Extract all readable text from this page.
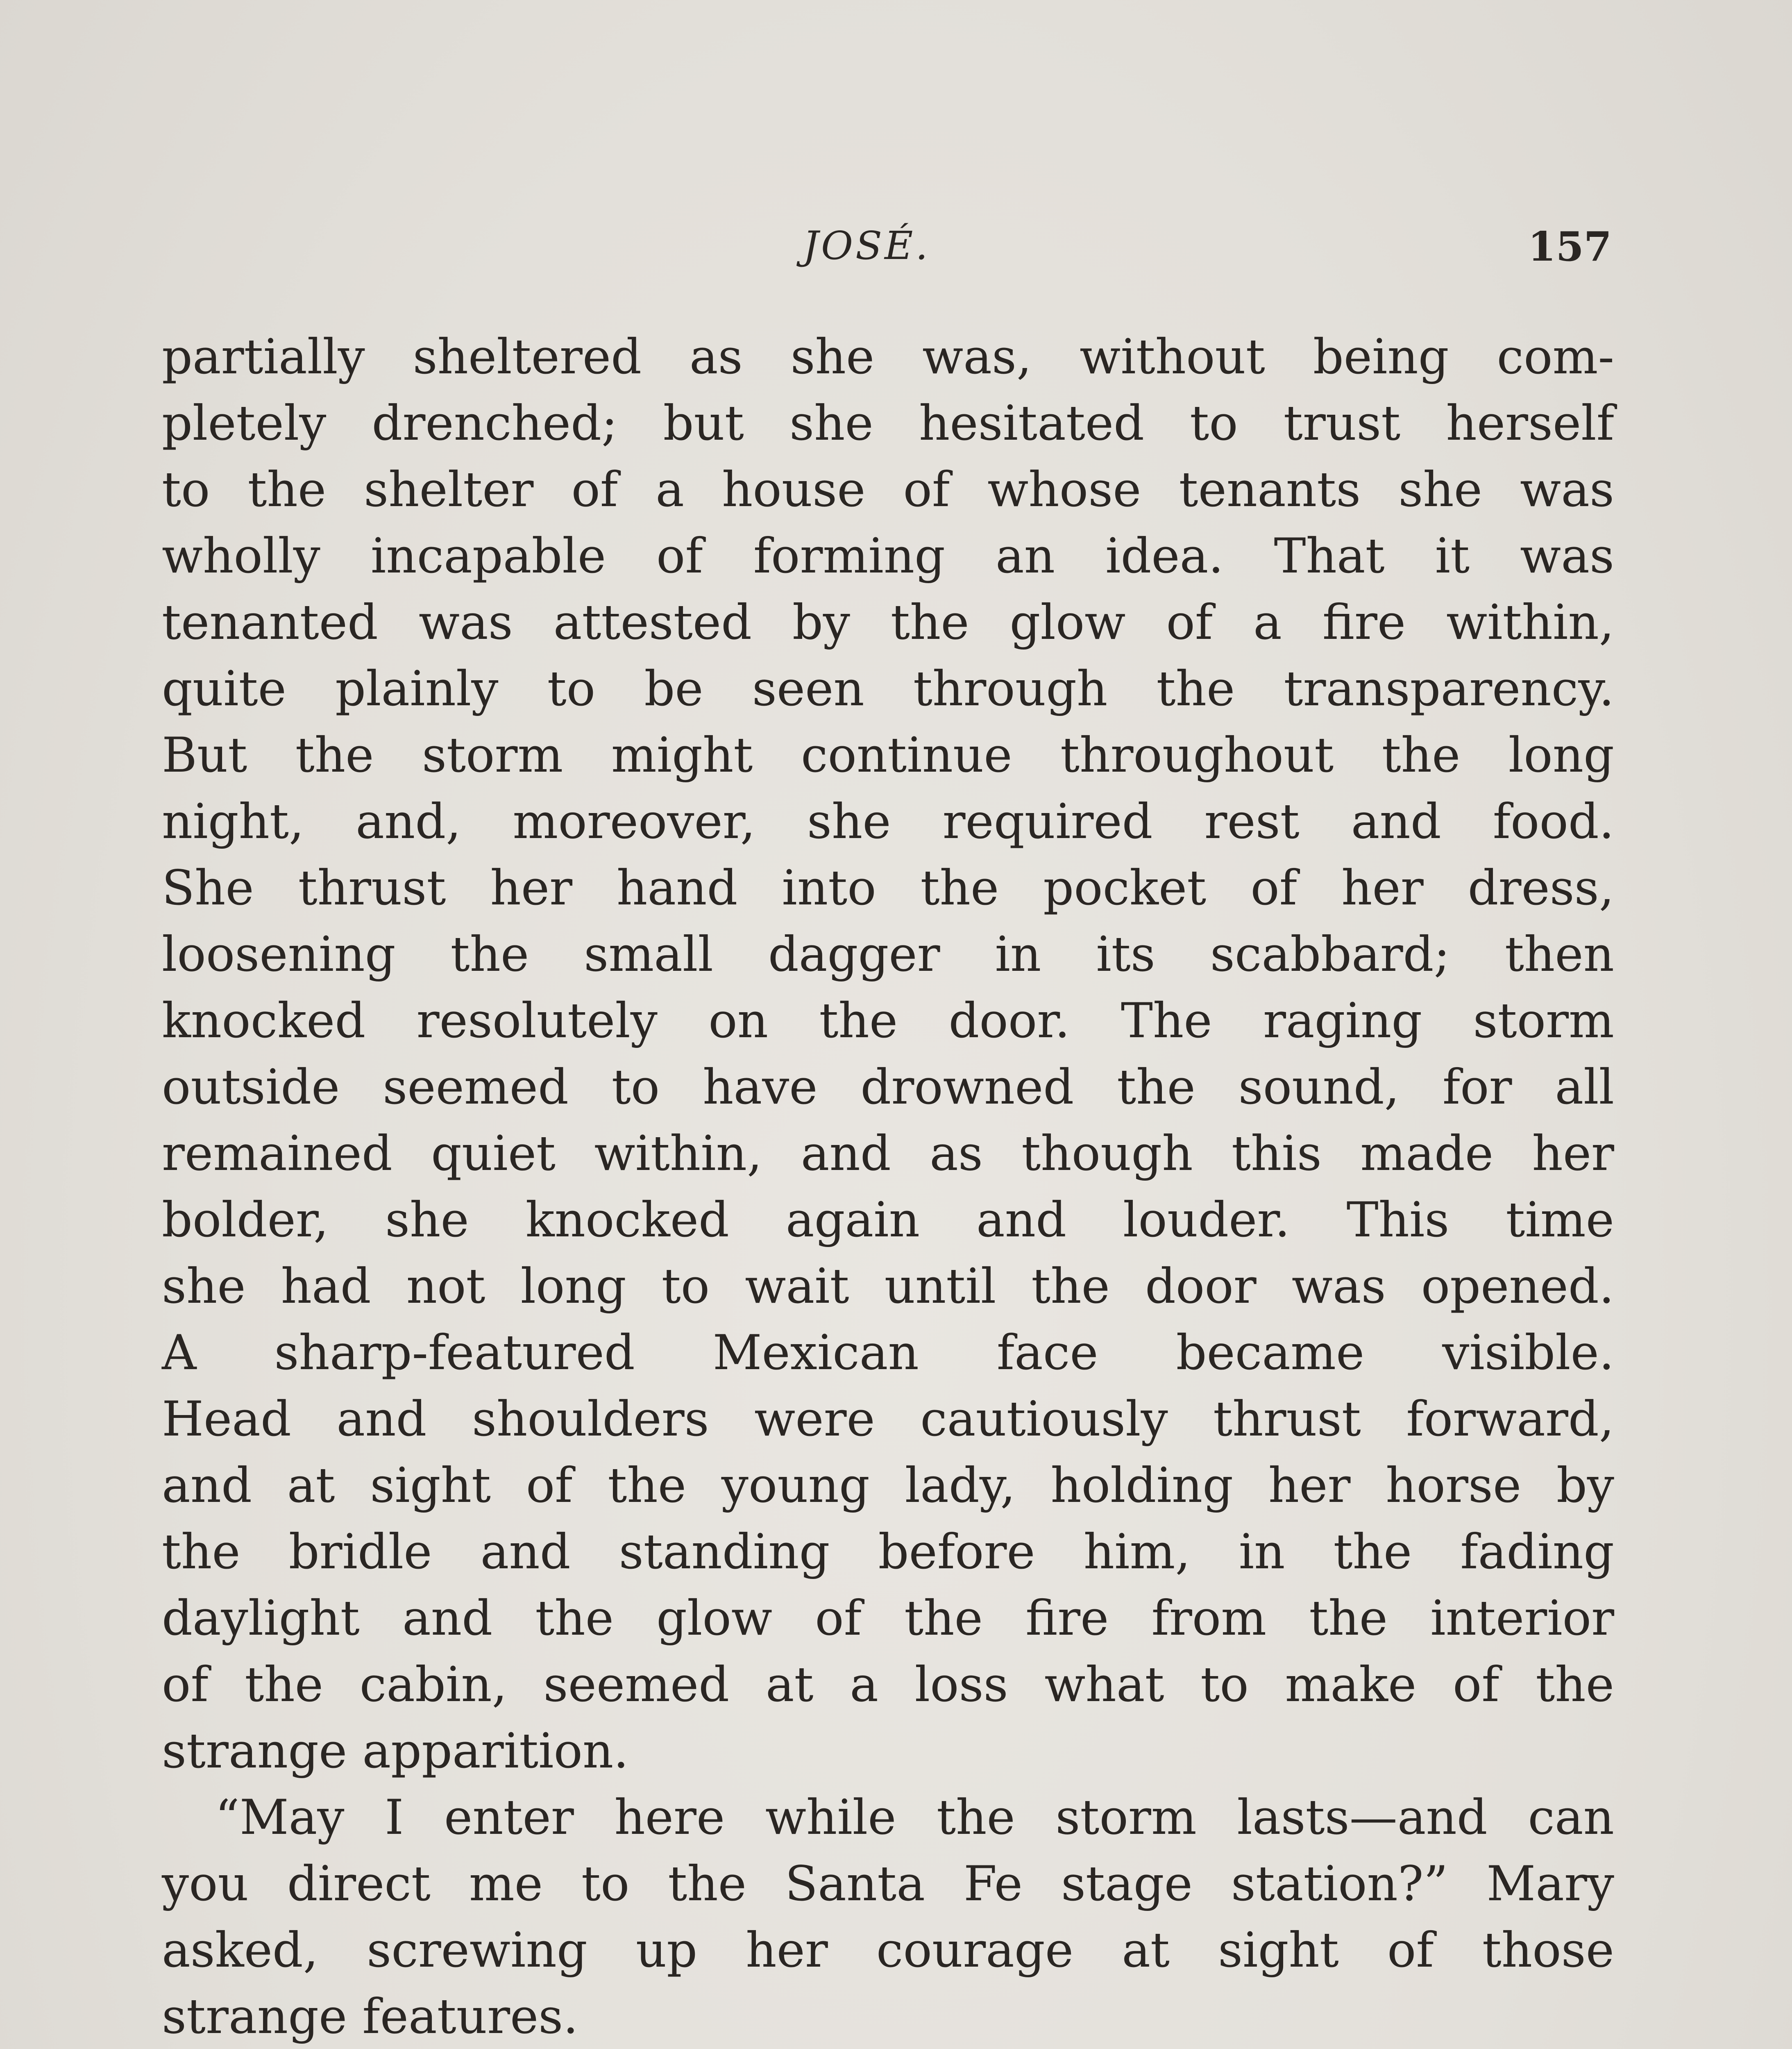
JOSÉ.	157
partially sheltered as she was, without being com-
pletely drenched; but she hesitated to trust herself
to the shelter of a house of whose tenants she was
wholly incapable of forming an idea. That it was
tenanted was attested by the glow of a fire within,
quite plainly to be seen through the transparency.
But the storm might continue throughout the long
night, and, moreover, she required rest and food.
She thrust her hand into the pocket of her dress,
loosening the small dagger in its scabbard; then
knocked resolutely on the door. The raging storm
outside seemed to have drowned the sound, for all
remained quiet within, and as though this made her
bolder, she knocked again and louder. This time
she had not long to wait until the door was opened.
A sharp-featured Mexican face became visible.
Head and shoulders were cautiously thrust forward,
and at sight of the young lady, holding her horse by
the bridle and standing before him, in the fading
daylight and the glow of the fire from the interior
of the cabin, seemed at a loss what to make of the
strange apparition.
“May I enter here while the storm lasts—and can
you direct me to the Santa Fe stage station?” Mary
asked, screwing up her courage at sight of those
strange features.
